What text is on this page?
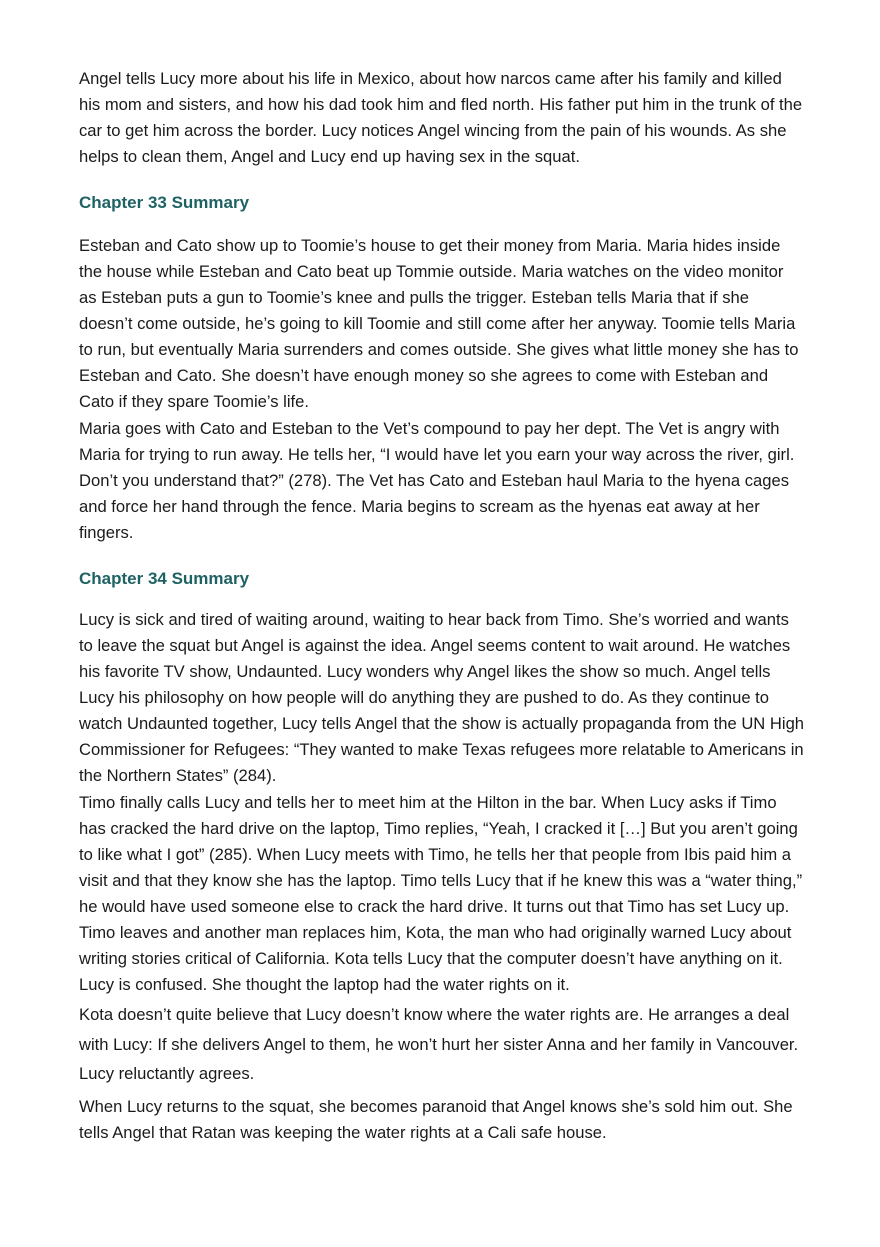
Angel tells Lucy more about his life in Mexico, about how narcos came after his family and killed his mom and sisters, and how his dad took him and fled north. His father put him in the trunk of the car to get him across the border. Lucy notices Angel wincing from the pain of his wounds. As she helps to clean them, Angel and Lucy end up having sex in the squat.

Chapter 33 Summary

Esteban and Cato show up to Toomie’s house to get their money from Maria. Maria hides inside the house while Esteban and Cato beat up Tommie outside. Maria watches on the video monitor as Esteban puts a gun to Toomie’s knee and pulls the trigger. Esteban tells Maria that if she doesn’t come outside, he’s going to kill Toomie and still come after her anyway. Toomie tells Maria to run, but eventually Maria surrenders and comes outside. She gives what little money she has to Esteban and Cato. She doesn’t have enough money so she agrees to come with Esteban and Cato if they spare Toomie’s life.

Maria goes with Cato and Esteban to the Vet’s compound to pay her dept. The Vet is angry with Maria for trying to run away. He tells her, “I would have let you earn your way across the river, girl. Don’t you understand that?” (278). The Vet has Cato and Esteban haul Maria to the hyena cages and force her hand through the fence. Maria begins to scream as the hyenas eat away at her fingers.

Chapter 34 Summary

Lucy is sick and tired of waiting around, waiting to hear back from Timo. She’s worried and wants to leave the squat but Angel is against the idea. Angel seems content to wait around. He watches his favorite TV show, Undaunted. Lucy wonders why Angel likes the show so much. Angel tells Lucy his philosophy on how people will do anything they are pushed to do. As they continue to watch Undaunted together, Lucy tells Angel that the show is actually propaganda from the UN High Commissioner for Refugees: “They wanted to make Texas refugees more relatable to Americans in the Northern States” (284).

Timo finally calls Lucy and tells her to meet him at the Hilton in the bar. When Lucy asks if Timo has cracked the hard drive on the laptop, Timo replies, “Yeah, I cracked it […] But you aren’t going to like what I got” (285). When Lucy meets with Timo, he tells her that people from Ibis paid him a visit and that they know she has the laptop. Timo tells Lucy that if he knew this was a “water thing,” he would have used someone else to crack the hard drive. It turns out that Timo has set Lucy up. Timo leaves and another man replaces him, Kota, the man who had originally warned Lucy about writing stories critical of California. Kota tells Lucy that the computer doesn’t have anything on it. Lucy is confused. She thought the laptop had the water rights on it.

Kota doesn’t quite believe that Lucy doesn’t know where the water rights are. He arranges a deal with Lucy: If she delivers Angel to them, he won’t hurt her sister Anna and her family in Vancouver. Lucy reluctantly agrees.

When Lucy returns to the squat, she becomes paranoid that Angel knows she’s sold him out. She tells Angel that Ratan was keeping the water rights at a Cali safe house.
